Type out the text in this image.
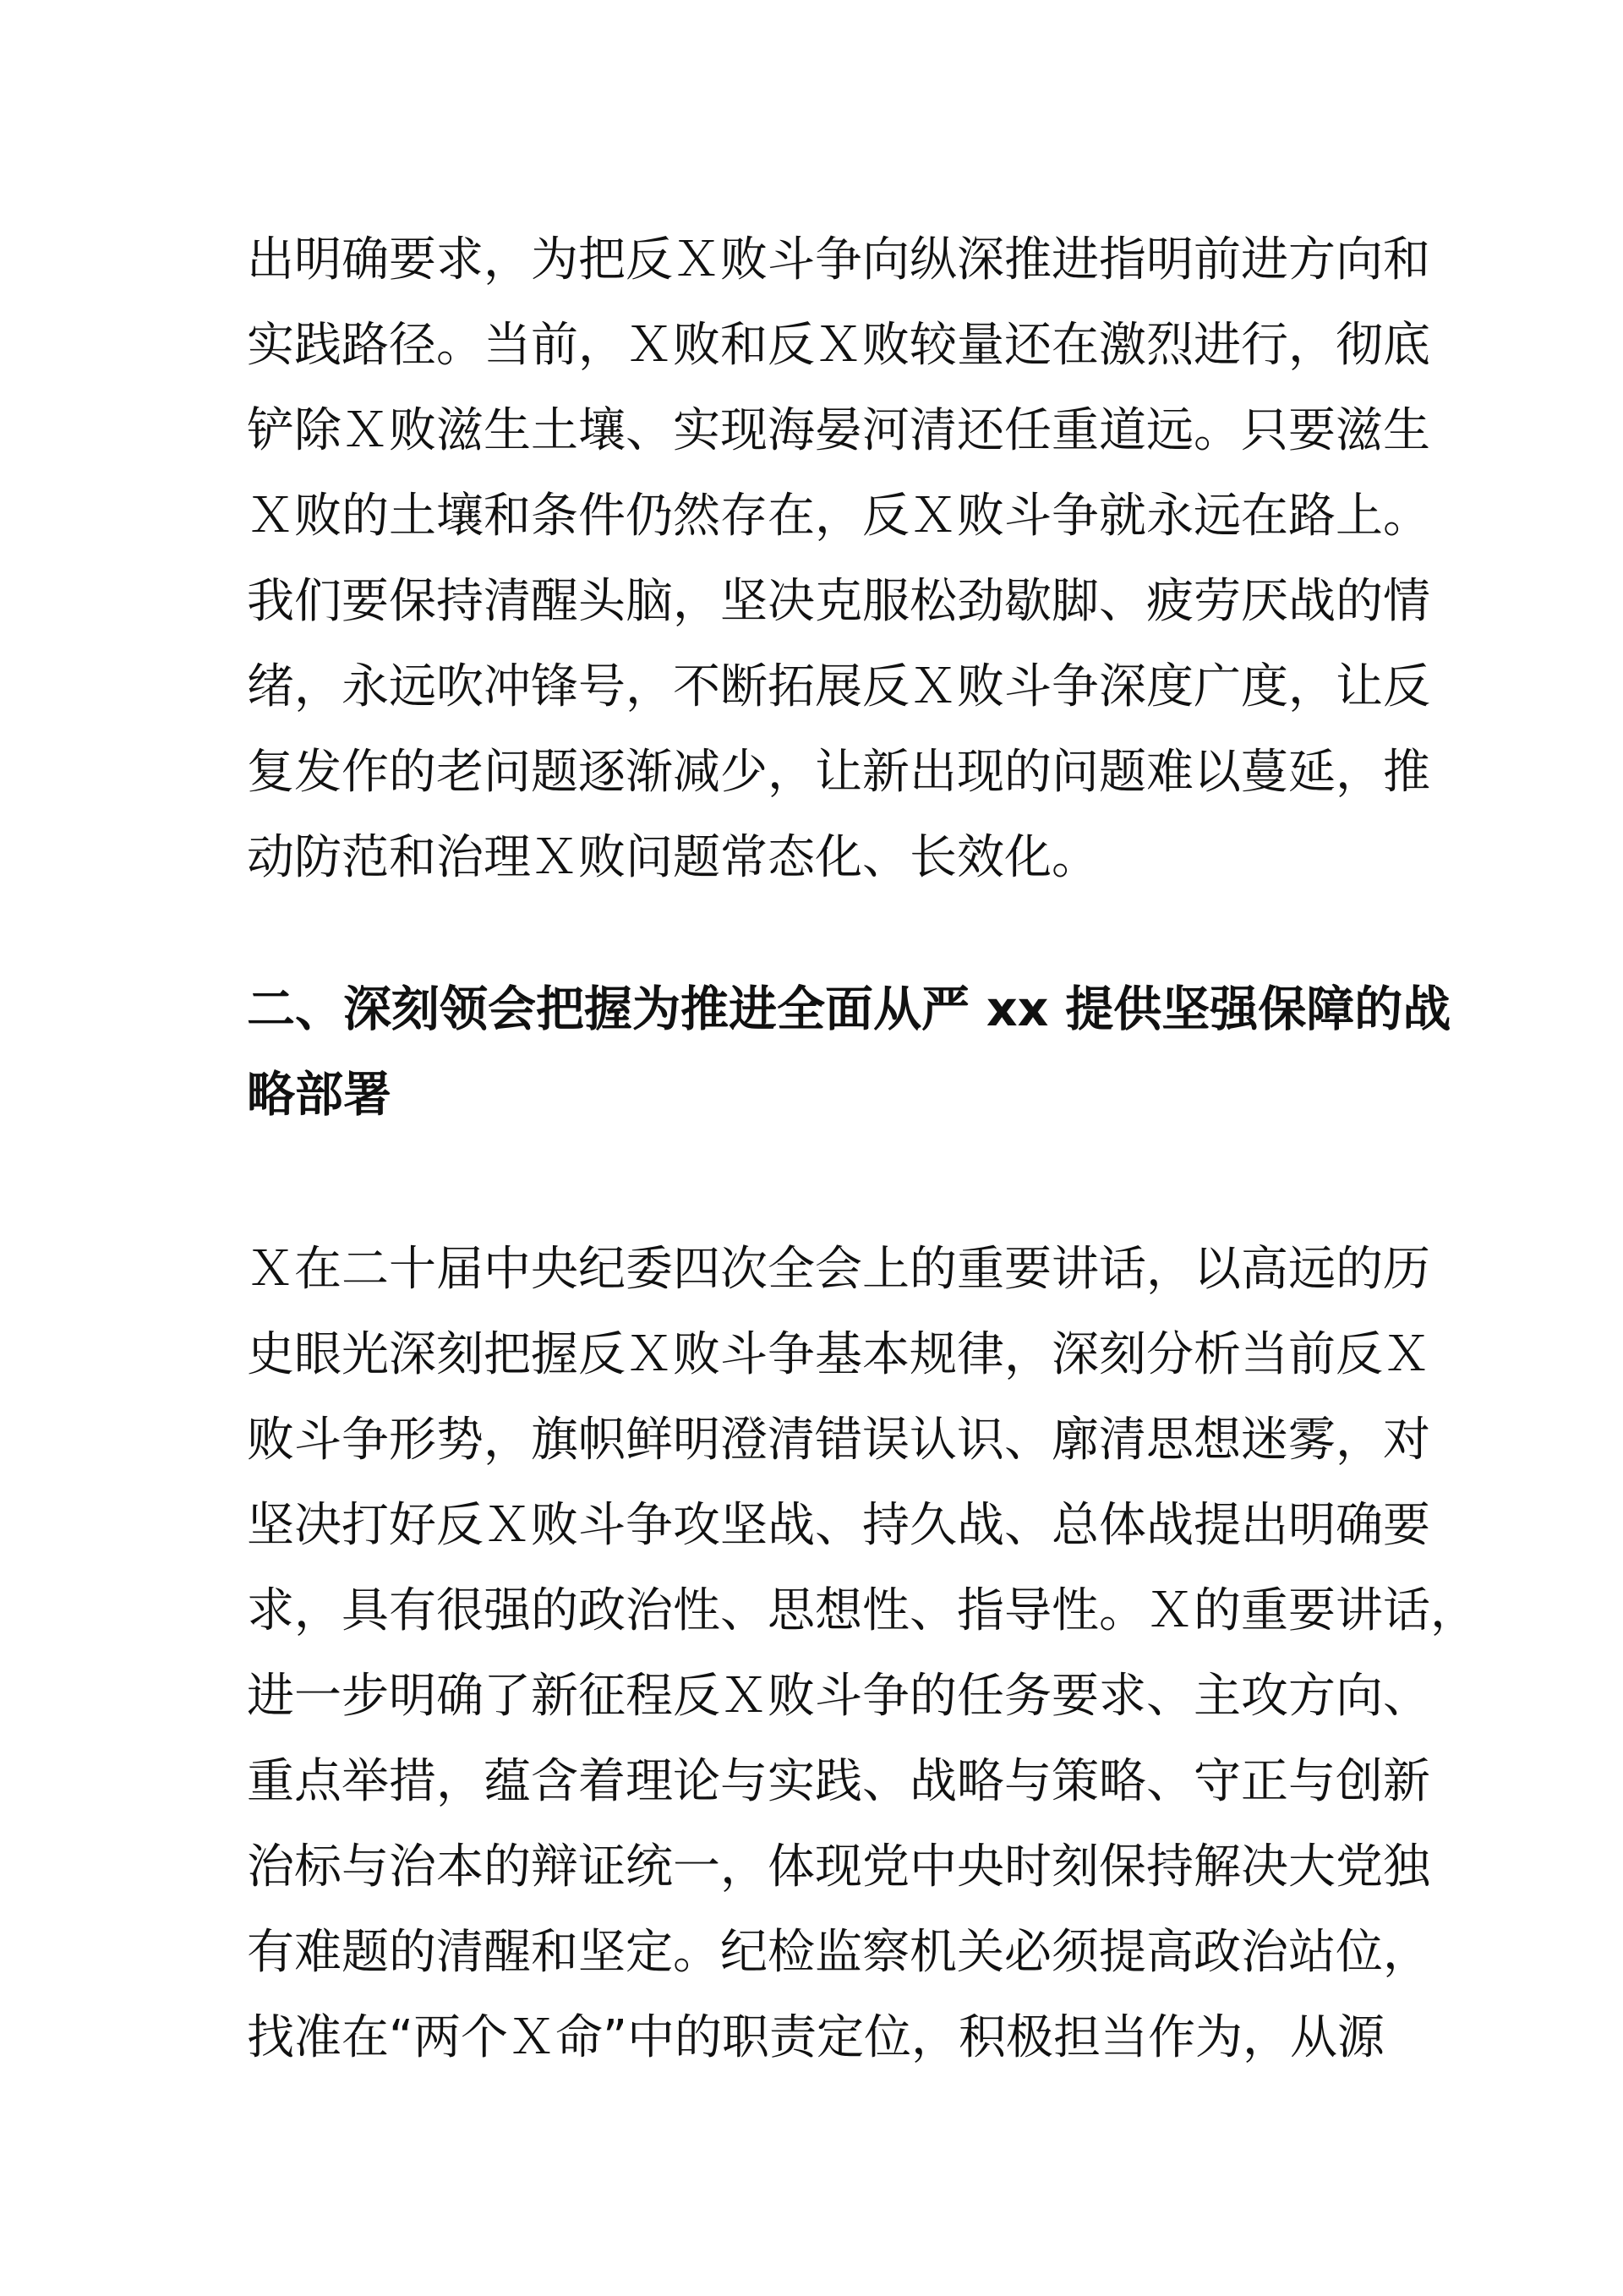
出明确要求，为把反Ｘ败斗争向纵深推进指明前进方向和
实践路径。当前，Ｘ败和反Ｘ败较量还在激烈进行，彻底
铲除Ｘ败滋生土壤、实现海晏河清还任重道远。只要滋生
Ｘ败的土壤和条件仍然存在，反Ｘ败斗争就永远在路上。
我们要保持清醒头脑，坚决克服松劲歇脚、疲劳厌战的情
绪，永远吹冲锋号，不断拓展反Ｘ败斗争深度广度，让反
复发作的老问题逐渐减少，让新出现的问题难以蔓延，推
动防范和治理Ｘ败问题常态化、长效化。
二、深刻领会把握为推进全面从严 xx 提供坚强保障的战
略部署
Ｘ在二十届中央纪委四次全会上的重要讲话，以高远的历
史眼光深刻把握反Ｘ败斗争基本规律，深刻分析当前反Ｘ
败斗争形势，旗帜鲜明澄清错误认识、廓清思想迷雾，对
坚决打好反Ｘ败斗争攻坚战、持久战、总体战提出明确要
求，具有很强的政治性、思想性、指导性。Ｘ的重要讲话，
进一步明确了新征程反Ｘ败斗争的任务要求、主攻方向、
重点举措，蕴含着理论与实践、战略与策略、守正与创新
治标与治本的辩证统一，体现党中央时刻保持解决大党独
有难题的清醒和坚定。纪检监察机关必须提高政治站位，
找准在“两个Ｘ命”中的职责定位，积极担当作为，从源
